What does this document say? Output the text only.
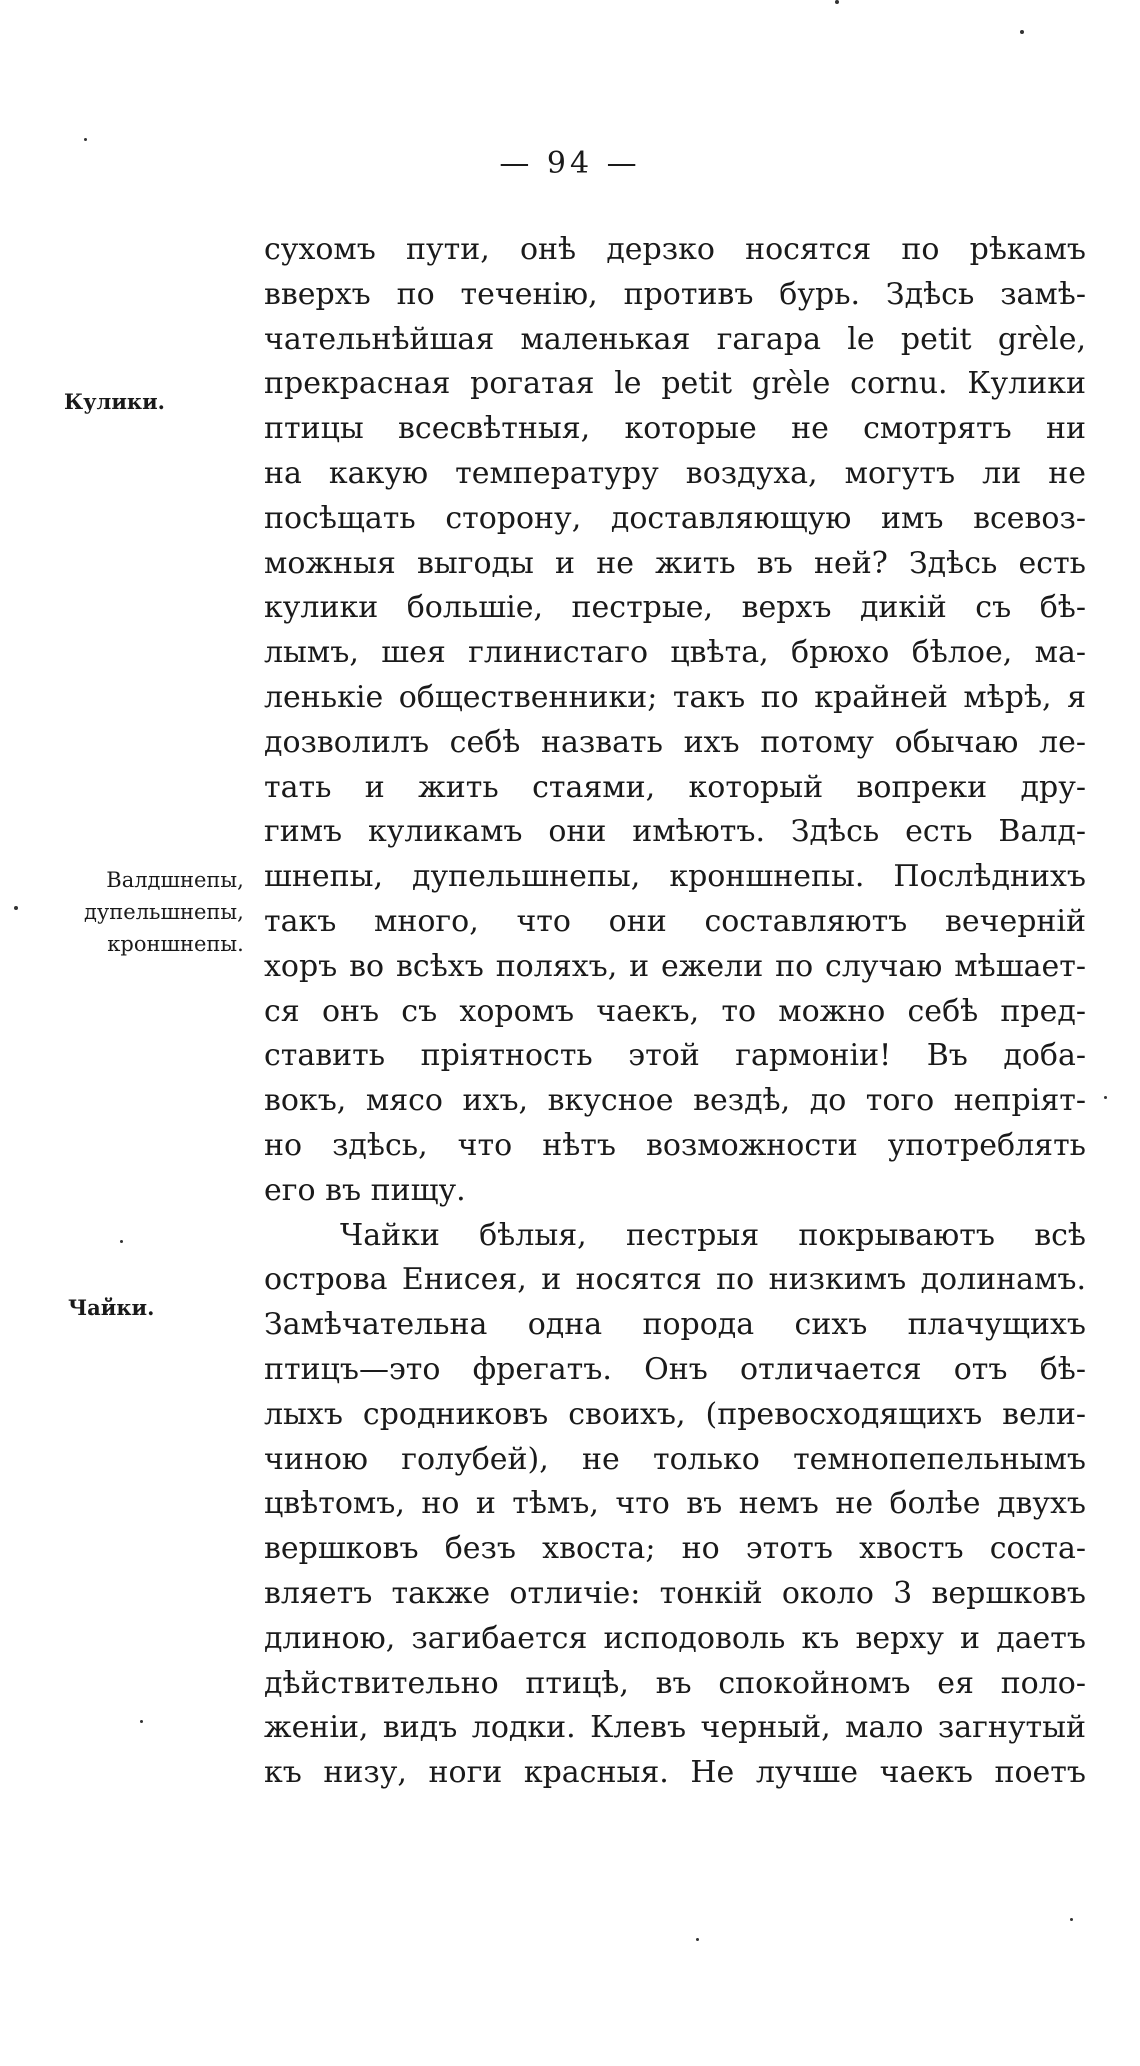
— 94 —
Кулики.
Валдшнепы,
дупельшнепы,
кроншнепы.
Чайки.
сухомъ пути, онѣ дерзко носятся по рѣкамъ
вверхъ по теченію, противъ бурь. Здѣсь замѣ-
чательнѣйшая маленькая гагара le petit grèle,
прекрасная рогатая le petit grèle cornu. Кулики
птицы всесвѣтныя, которые не смотрятъ ни
на какую температуру воздуха, могутъ ли не
посѣщать сторону, доставляющую имъ всевоз-
можныя выгоды и не жить въ ней? Здѣсь есть
кулики большіе, пестрые, верхъ дикій съ бѣ-
лымъ, шея глинистаго цвѣта, брюхо бѣлое, ма-
ленькіе общественники; такъ по крайней мѣрѣ, я
дозволилъ себѣ назвать ихъ потому обычаю ле-
тать и жить стаями, который вопреки дру-
гимъ куликамъ они имѣютъ. Здѣсь есть Валд-
шнепы, дупельшнепы, кроншнепы. Послѣднихъ
такъ много, что они составляютъ вечерній
хоръ во всѣхъ поляхъ, и ежели по случаю мѣшает-
ся онъ съ хоромъ чаекъ, то можно себѣ пред-
ставить пріятность этой гармоніи! Въ доба-
вокъ, мясо ихъ, вкусное вездѣ, до того непріят-
но здѣсь, что нѣтъ возможности употреблять
его въ пищу.
Чайки бѣлыя, пестрыя покрываютъ всѣ
острова Енисея, и носятся по низкимъ долинамъ.
Замѣчательна одна порода сихъ плачущихъ
птицъ—это фрегатъ. Онъ отличается отъ бѣ-
лыхъ сродниковъ своихъ, (превосходящихъ вели-
чиною голубей), не только темнопепельнымъ
цвѣтомъ, но и тѣмъ, что въ немъ не болѣе двухъ
вершковъ безъ хвоста; но этотъ хвостъ соста-
вляетъ также отличіе: тонкій около 3 вершковъ
длиною, загибается исподоволь къ верху и даетъ
дѣйствительно птицѣ, въ спокойномъ ея поло-
женіи, видъ лодки. Клевъ черный, мало загнутый
къ низу, ноги красныя. Не лучше чаекъ поетъ
